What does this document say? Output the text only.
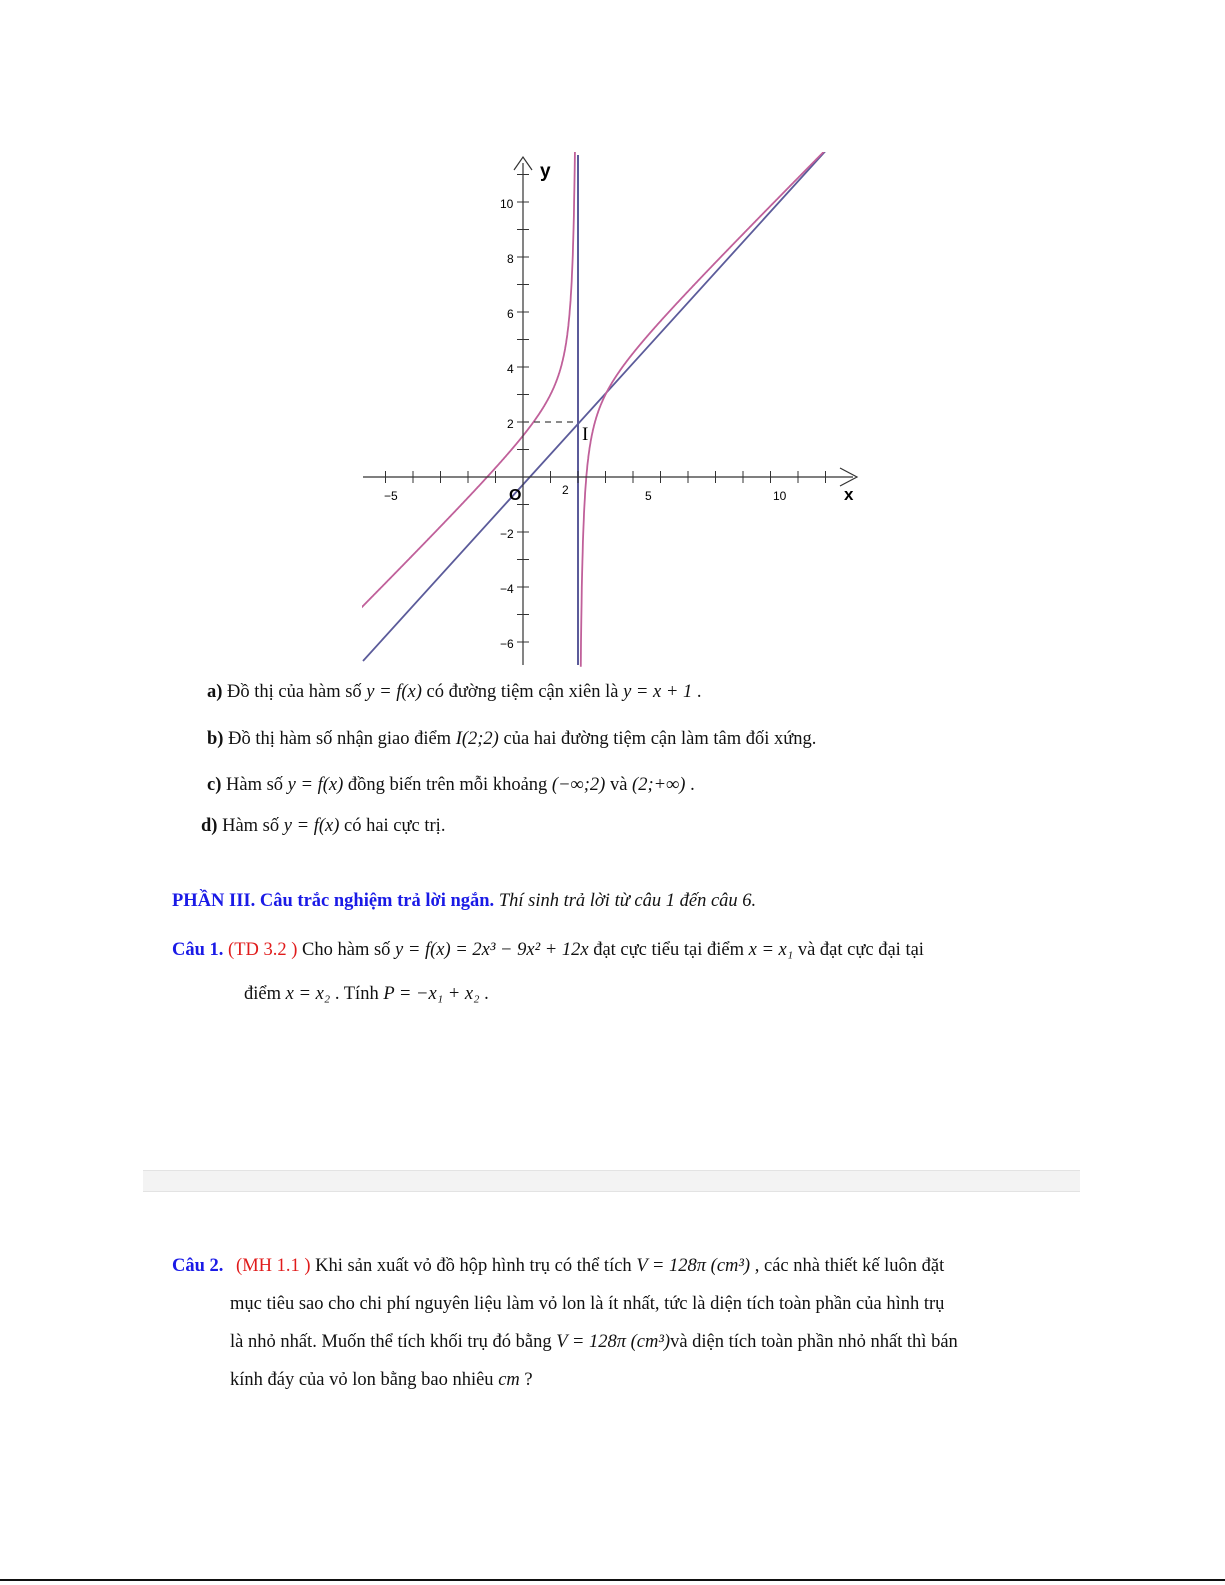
y
x
O
I
10
8
6
4
2
−2
−4
−6
−5	2	5	10
a) Đồ thị của hàm số y = f(x) có đường tiệm cận xiên là y = x + 1 .
b) Đồ thị hàm số nhận giao điểm I(2;2) của hai đường tiệm cận làm tâm đối xứng.
c) Hàm số y = f(x) đồng biến trên mỗi khoảng (−∞;2) và (2;+∞) .
d) Hàm số y = f(x) có hai cực trị.
PHẦN III. Câu trắc nghiệm trả lời ngắn. Thí sinh trả lời từ câu 1 đến câu 6.
Câu 1. (TD 3.2 ) Cho hàm số y = f(x) = 2x³ − 9x² + 12x đạt cực tiểu tại điểm x = x₁ và đạt cực đại tại
điểm x = x₂ . Tính P = −x₁ + x₂ .
Câu 2. (MH 1.1 ) Khi sản xuất vỏ đồ hộp hình trụ có thể tích V = 128π (cm³) , các nhà thiết kế luôn đặt
mục tiêu sao cho chi phí nguyên liệu làm vỏ lon là ít nhất, tức là diện tích toàn phần của hình trụ
là nhỏ nhất. Muốn thể tích khối trụ đó bằng V = 128π (cm³)và diện tích toàn phần nhỏ nhất thì bán
kính đáy của vỏ lon bằng bao nhiêu cm ?
